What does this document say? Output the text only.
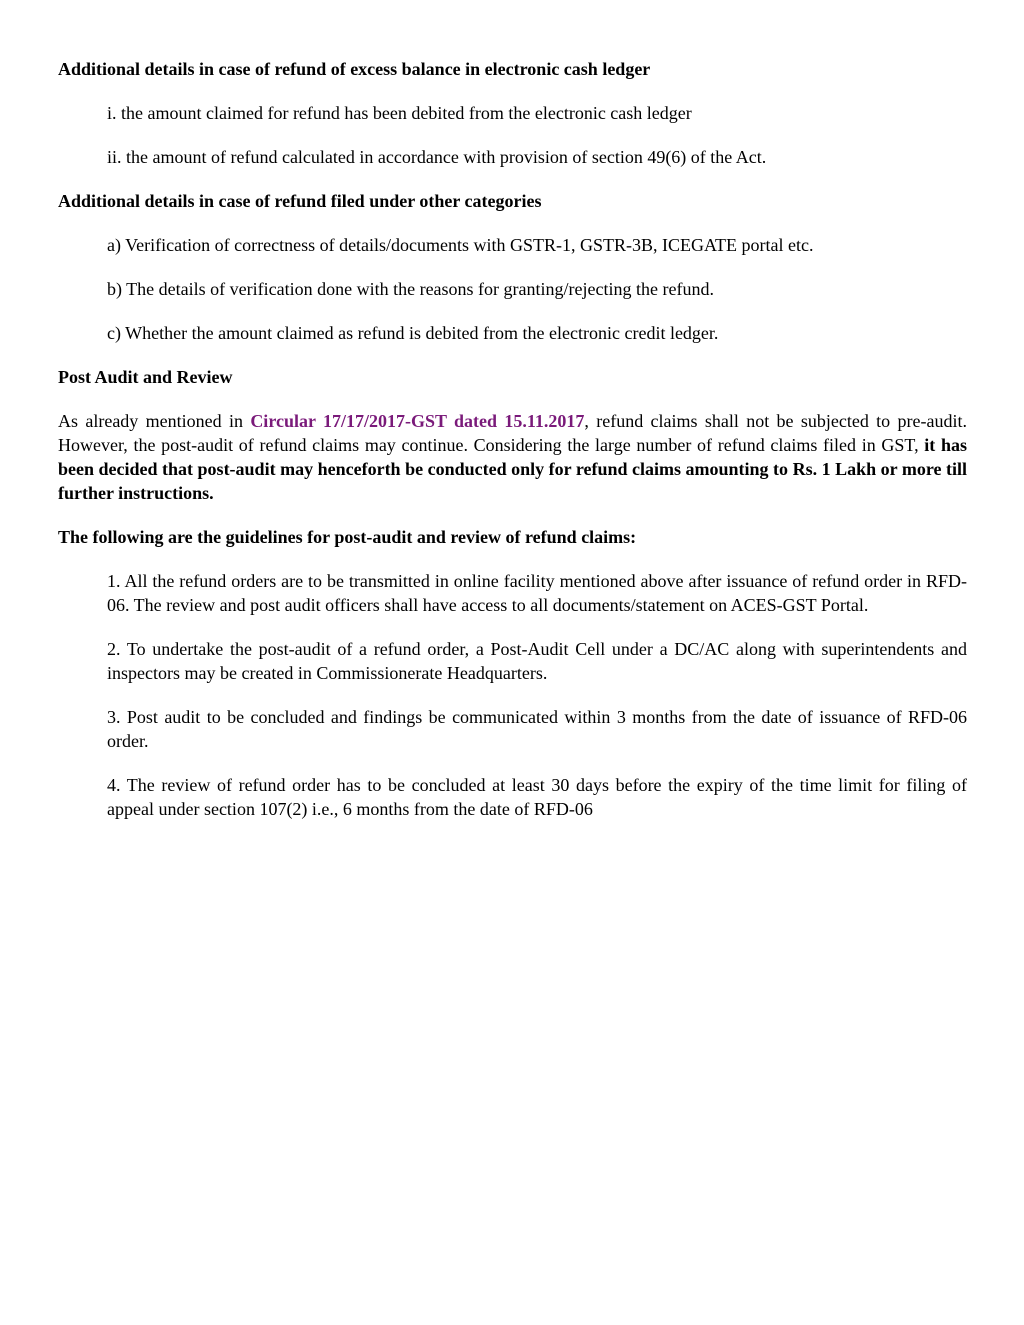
Additional details in case of refund of excess balance in electronic cash ledger

i. the amount claimed for refund has been debited from the electronic cash ledger

ii. the amount of refund calculated in accordance with provision of section 49(6) of the Act.

Additional details in case of refund filed under other categories

a) Verification of correctness of details/documents with GSTR-1, GSTR-3B, ICEGATE portal etc.

b) The details of verification done with the reasons for granting/rejecting the refund.

c) Whether the amount claimed as refund is debited from the electronic credit ledger.

Post Audit and Review

As already mentioned in Circular 17/17/2017-GST dated 15.11.2017, refund claims shall not be subjected to pre-audit. However, the post-audit of refund claims may continue. Considering the large number of refund claims filed in GST, it has been decided that post-audit may henceforth be conducted only for refund claims amounting to Rs. 1 Lakh or more till further instructions.

The following are the guidelines for post-audit and review of refund claims:

1. All the refund orders are to be transmitted in online facility mentioned above after issuance of refund order in RFD-06. The review and post audit officers shall have access to all documents/statement on ACES-GST Portal.

2. To undertake the post-audit of a refund order, a Post-Audit Cell under a DC/AC along with superintendents and inspectors may be created in Commissionerate Headquarters.

3. Post audit to be concluded and findings be communicated within 3 months from the date of issuance of RFD-06 order.

4. The review of refund order has to be concluded at least 30 days before the expiry of the time limit for filing of appeal under section 107(2) i.e., 6 months from the date of RFD-06
